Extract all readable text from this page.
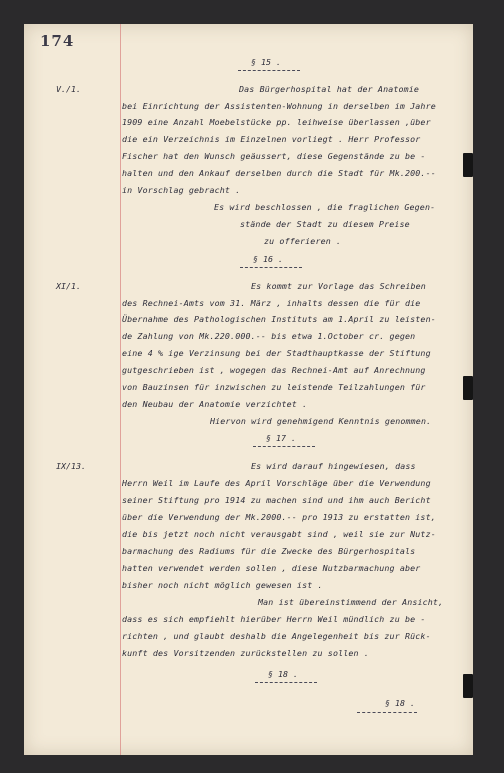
174
§ 15 .
V./1.	Das Bürgerhospital hat der Anatomie
bei Einrichtung der Assistenten-Wohnung in derselben im Jahre
1909 eine Anzahl Moebelstücke pp. leihweise überlassen ,über
die ein Verzeichnis im Einzelnen vorliegt . Herr Professor
Fischer hat den Wunsch geäussert, diese Gegenstände zu be -
halten und den Ankauf derselben durch die Stadt für Mk.200.--
in Vorschlag gebracht .
Es wird beschlossen , die fraglichen Gegen-
stände der Stadt zu diesem Preise
zu offerieren .
§ 16 .
XI/1.	Es kommt zur Vorlage das Schreiben
des Rechnei-Amts vom 31. März , inhalts dessen die für die
Übernahme des Pathologischen Instituts am 1.April zu leisten-
de Zahlung von Mk.220.000.-- bis etwa 1.October cr. gegen
eine 4 % ige Verzinsung bei der Stadthauptkasse der Stiftung
gutgeschrieben ist , wogegen das Rechnei-Amt auf Anrechnung
von Bauzinsen für inzwischen zu leistende Teilzahlungen für
den Neubau der Anatomie verzichtet .
Hiervon wird genehmigend Kenntnis genommen.
§ 17 .
IX/13.	Es wird darauf hingewiesen, dass
Herrn Weil im Laufe des April Vorschläge über die Verwendung
seiner Stiftung pro 1914 zu machen sind und ihm auch Bericht
über die Verwendung der Mk.2000.-- pro 1913 zu erstatten ist,
die bis jetzt noch nicht verausgabt sind , weil sie zur Nutz-
barmachung des Radiums für die Zwecke des Bürgerhospitals
hatten verwendet werden sollen , diese Nutzbarmachung aber
bisher noch nicht möglich gewesen ist .
Man ist übereinstimmend der Ansicht,
dass es sich empfiehlt hierüber Herrn Weil mündlich zu be -
richten , und glaubt deshalb die Angelegenheit bis zur Rück-
kunft des Vorsitzenden zurückstellen zu sollen .
§ 18 .
§ 18 .
